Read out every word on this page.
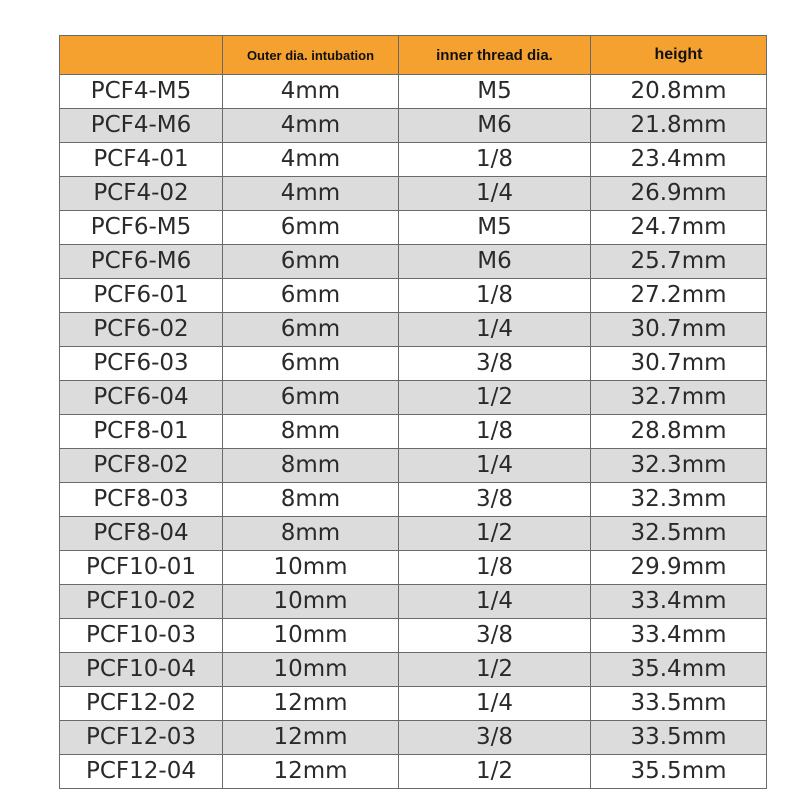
	Outer dia. intubation	inner thread dia.	height
PCF4-M5	4mm	M5	20.8mm
PCF4-M6	4mm	M6	21.8mm
PCF4-01	4mm	1/8	23.4mm
PCF4-02	4mm	1/4	26.9mm
PCF6-M5	6mm	M5	24.7mm
PCF6-M6	6mm	M6	25.7mm
PCF6-01	6mm	1/8	27.2mm
PCF6-02	6mm	1/4	30.7mm
PCF6-03	6mm	3/8	30.7mm
PCF6-04	6mm	1/2	32.7mm
PCF8-01	8mm	1/8	28.8mm
PCF8-02	8mm	1/4	32.3mm
PCF8-03	8mm	3/8	32.3mm
PCF8-04	8mm	1/2	32.5mm
PCF10-01	10mm	1/8	29.9mm
PCF10-02	10mm	1/4	33.4mm
PCF10-03	10mm	3/8	33.4mm
PCF10-04	10mm	1/2	35.4mm
PCF12-02	12mm	1/4	33.5mm
PCF12-03	12mm	3/8	33.5mm
PCF12-04	12mm	1/2	35.5mm
